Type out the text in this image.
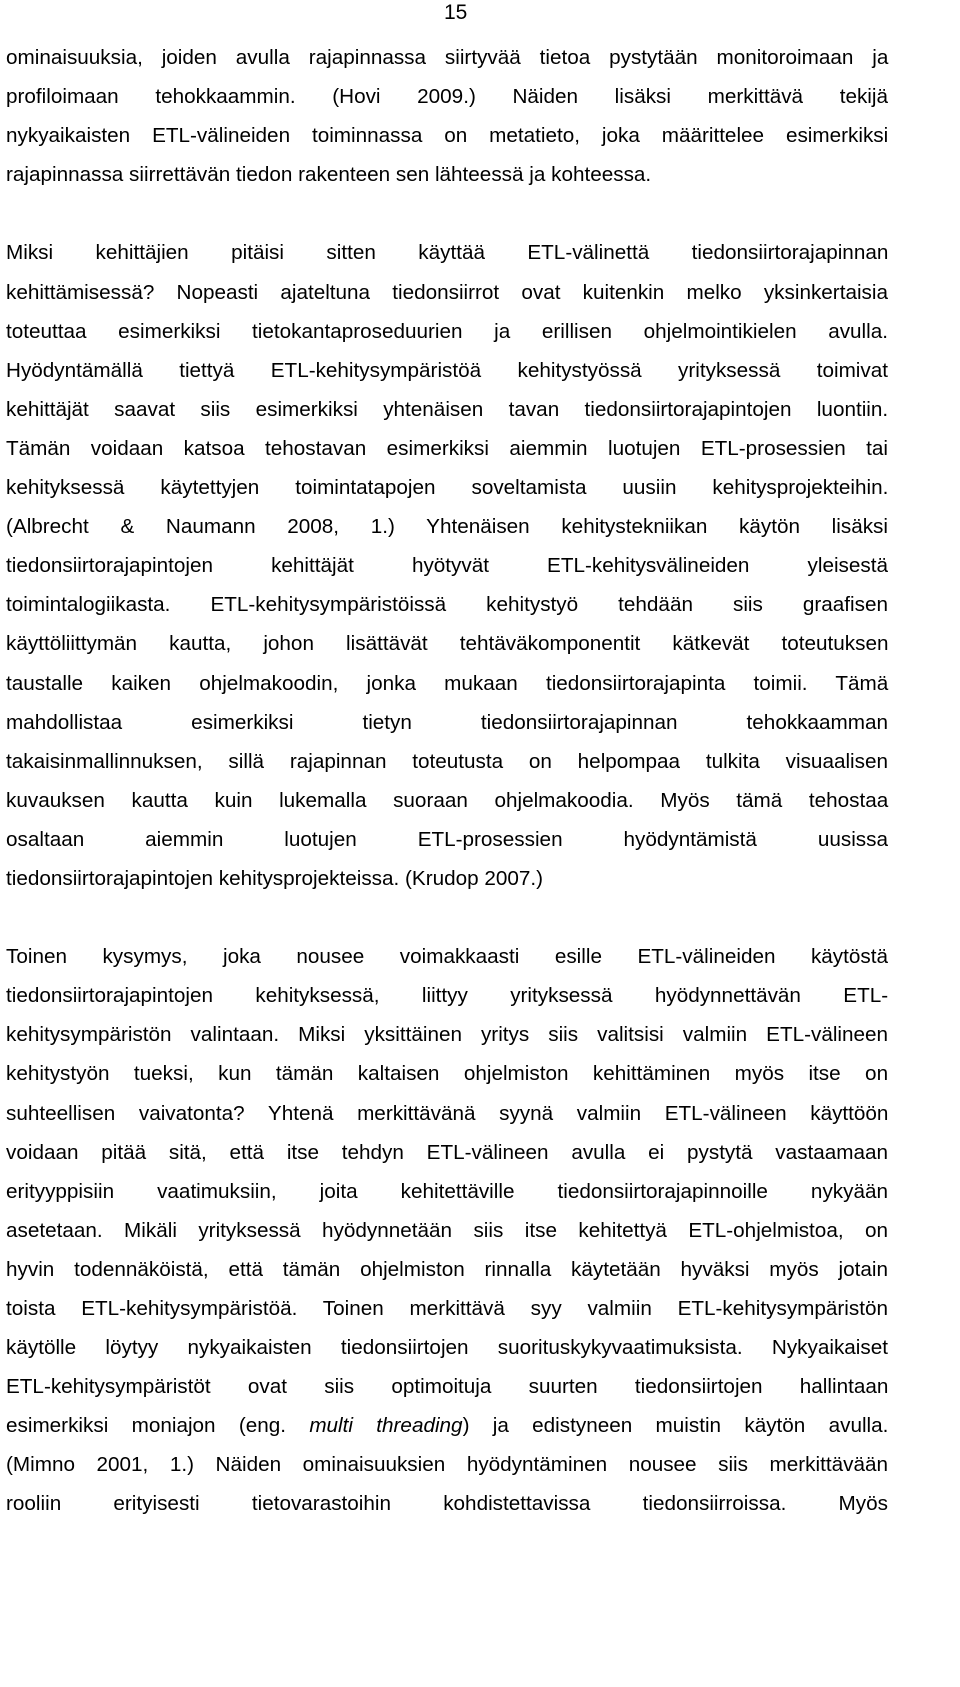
15
ominaisuuksia, joiden avulla rajapinnassa siirtyvää tietoa pystytään monitoroimaan ja
profiloimaan tehokkaammin. (Hovi 2009.) Näiden lisäksi merkittävä tekijä
nykyaikaisten ETL-välineiden toiminnassa on metatieto, joka määrittelee esimerkiksi
rajapinnassa siirrettävän tiedon rakenteen sen lähteessä ja kohteessa.
Miksi kehittäjien pitäisi sitten käyttää ETL-välinettä tiedonsiirtorajapinnan
kehittämisessä? Nopeasti ajateltuna tiedonsiirrot ovat kuitenkin melko yksinkertaisia
toteuttaa esimerkiksi tietokantaproseduurien ja erillisen ohjelmointikielen avulla.
Hyödyntämällä tiettyä ETL-kehitysympäristöä kehitystyössä yrityksessä toimivat
kehittäjät saavat siis esimerkiksi yhtenäisen tavan tiedonsiirtorajapintojen luontiin.
Tämän voidaan katsoa tehostavan esimerkiksi aiemmin luotujen ETL-prosessien tai
kehityksessä käytettyjen toimintatapojen soveltamista uusiin kehitysprojekteihin.
(Albrecht & Naumann 2008, 1.) Yhtenäisen kehitystekniikan käytön lisäksi
tiedonsiirtorajapintojen kehittäjät hyötyvät ETL-kehitysvälineiden yleisestä
toimintalogiikasta. ETL-kehitysympäristöissä kehitystyö tehdään siis graafisen
käyttöliittymän kautta, johon lisättävät tehtäväkomponentit kätkevät toteutuksen
taustalle kaiken ohjelmakoodin, jonka mukaan tiedonsiirtorajapinta toimii. Tämä
mahdollistaa esimerkiksi tietyn tiedonsiirtorajapinnan tehokkaamman
takaisinmallinnuksen, sillä rajapinnan toteutusta on helpompaa tulkita visuaalisen
kuvauksen kautta kuin lukemalla suoraan ohjelmakoodia. Myös tämä tehostaa
osaltaan aiemmin luotujen ETL-prosessien hyödyntämistä uusissa
tiedonsiirtorajapintojen kehitysprojekteissa. (Krudop 2007.)
Toinen kysymys, joka nousee voimakkaasti esille ETL-välineiden käytöstä
tiedonsiirtorajapintojen kehityksessä, liittyy yrityksessä hyödynnettävän ETL-
kehitysympäristön valintaan. Miksi yksittäinen yritys siis valitsisi valmiin ETL-välineen
kehitystyön tueksi, kun tämän kaltaisen ohjelmiston kehittäminen myös itse on
suhteellisen vaivatonta? Yhtenä merkittävänä syynä valmiin ETL-välineen käyttöön
voidaan pitää sitä, että itse tehdyn ETL-välineen avulla ei pystytä vastaamaan
erityyppisiin vaatimuksiin, joita kehitettäville tiedonsiirtorajapinnoille nykyään
asetetaan. Mikäli yrityksessä hyödynnetään siis itse kehitettyä ETL-ohjelmistoa, on
hyvin todennäköistä, että tämän ohjelmiston rinnalla käytetään hyväksi myös jotain
toista ETL-kehitysympäristöä. Toinen merkittävä syy valmiin ETL-kehitysympäristön
käytölle löytyy nykyaikaisten tiedonsiirtojen suorituskykyvaatimuksista. Nykyaikaiset
ETL-kehitysympäristöt ovat siis optimoituja suurten tiedonsiirtojen hallintaan
esimerkiksi moniajon (eng. multi threading) ja edistyneen muistin käytön avulla.
(Mimno 2001, 1.) Näiden ominaisuuksien hyödyntäminen nousee siis merkittävään
rooliin erityisesti tietovarastoihin kohdistettavissa tiedonsiirroissa. Myös
